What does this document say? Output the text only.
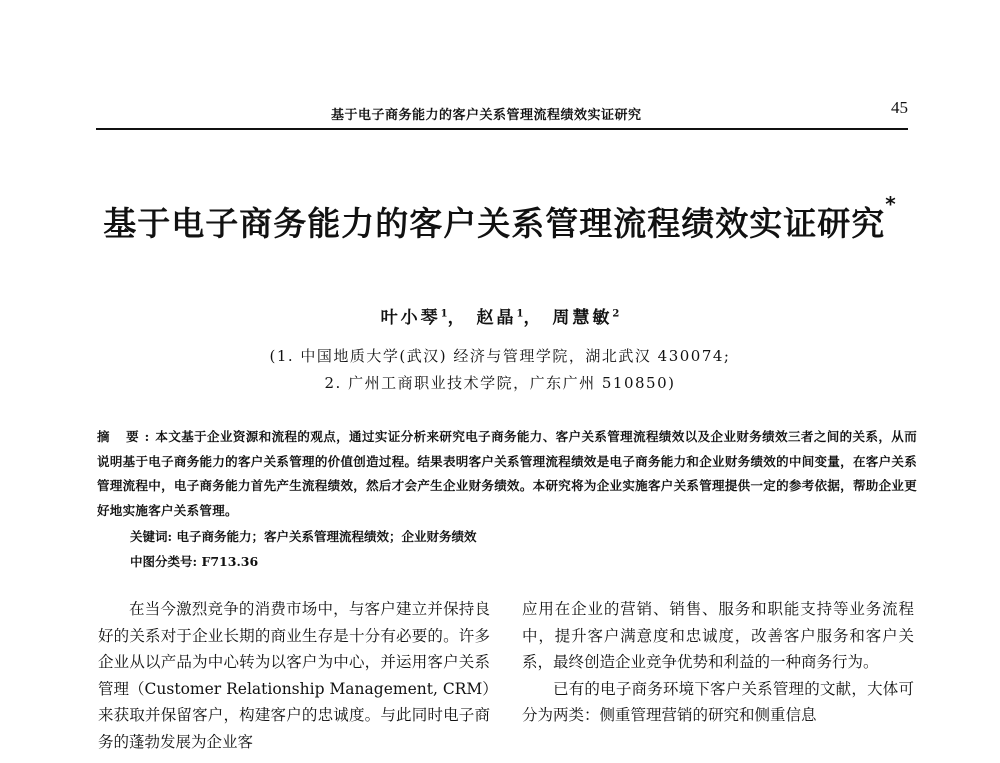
基于电子商务能力的客户关系管理流程绩效实证研究	45
基于电子商务能力的客户关系管理流程绩效实证研究*
叶小琴$^1$， 赵晶$^1$， 周慧敏$^2$
(1. 中国地质大学(武汉) 经济与管理学院，湖北武汉 430074;
2. 广州工商职业技术学院，广东广州 510850)
摘 要:本文基于企业资源和流程的观点，通过实证分析来研究电子商务能力、客户关系管理流程绩效以及企业财务绩效三者之间的关系，从而说明基于电子商务能力的客户关系管理的价值创造过程。结果表明客户关系管理流程绩效是电子商务能力和企业财务绩效的中间变量，在客户关系管理流程中，电子商务能力首先产生流程绩效，然后才会产生企业财务绩效。本研究将为企业实施客户关系管理提供一定的参考依据，帮助企业更好地实施客户关系管理。
关键词: 电子商务能力；客户关系管理流程绩效；企业财务绩效
中图分类号: F713.36

在当今激烈竞争的消费市场中，与客户建立并保持良好的关系对于企业长期的商业生存是十分有必要的。许多企业从以产品为中心转为以客户为中心，并运用客户关系管理（Customer Relationship Management, CRM）来获取并保留客户，构建客户的忠诚度。与此同时电子商务的蓬勃发展为企业客

应用在企业的营销、销售、服务和职能支持等业务流程中，提升客户满意度和忠诚度，改善客户服务和客户关系，最终创造企业竞争优势和利益的一种商务行为。

已有的电子商务环境下客户关系管理的文献，大体可分为两类：侧重管理营销的研究和侧重信息
